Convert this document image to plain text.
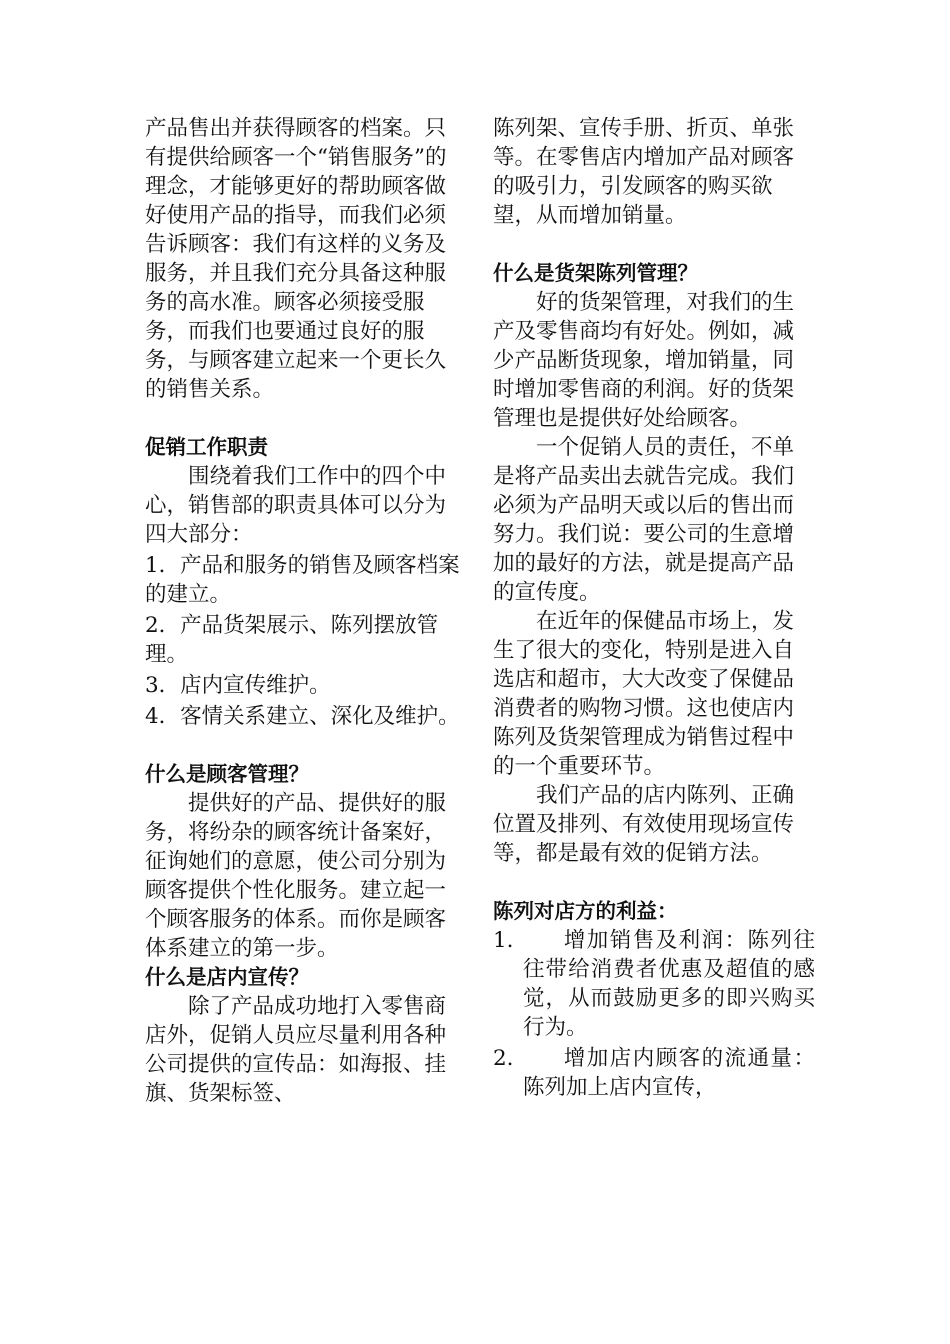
产品售出并获得顾客的档案。只有提供给顾客一个“销售服务”的理念，才能够更好的帮助顾客做好使用产品的指导，而我们必须告诉顾客：我们有这样的义务及服务，并且我们充分具备这种服务的高水准。顾客必须接受服务，而我们也要通过良好的服务，与顾客建立起来一个更长久的销售关系。

促销工作职责

围绕着我们工作中的四个中心，销售部的职责具体可以分为四大部分：

1．产品和服务的销售及顾客档案的建立。

2．产品货架展示、陈列摆放管理。

3．店内宣传维护。

4．客情关系建立、深化及维护。

什么是顾客管理？

提供好的产品、提供好的服务，将纷杂的顾客统计备案好，征询她们的意愿，使公司分别为顾客提供个性化服务。建立起一个顾客服务的体系。而你是顾客体系建立的第一步。

什么是店内宣传？

除了产品成功地打入零售商店外，促销人员应尽量利用各种公司提供的宣传品：如海报、挂旗、货架标签、

陈列架、宣传手册、折页、单张等。在零售店内增加产品对顾客的吸引力，引发顾客的购买欲望，从而增加销量。

什么是货架陈列管理？

好的货架管理，对我们的生产及零售商均有好处。例如，减少产品断货现象，增加销量，同时增加零售商的利润。好的货架管理也是提供好处给顾客。

一个促销人员的责任，不单是将产品卖出去就告完成。我们必须为产品明天或以后的售出而努力。我们说：要公司的生意增加的最好的方法，就是提高产品的宣传度。

在近年的保健品市场上，发生了很大的变化，特别是进入自选店和超市，大大改变了保健品消费者的购物习惯。这也使店内陈列及货架管理成为销售过程中的一个重要环节。

我们产品的店内陈列、正确位置及排列、有效使用现场宣传等，都是最有效的促销方法。

陈列对店方的利益：

1.	增加销售及利润：陈列往往带给消费者优惠及超值的感觉，从而鼓励更多的即兴购买行为。
2.	增加店内顾客的流通量：陈列加上店内宣传，
